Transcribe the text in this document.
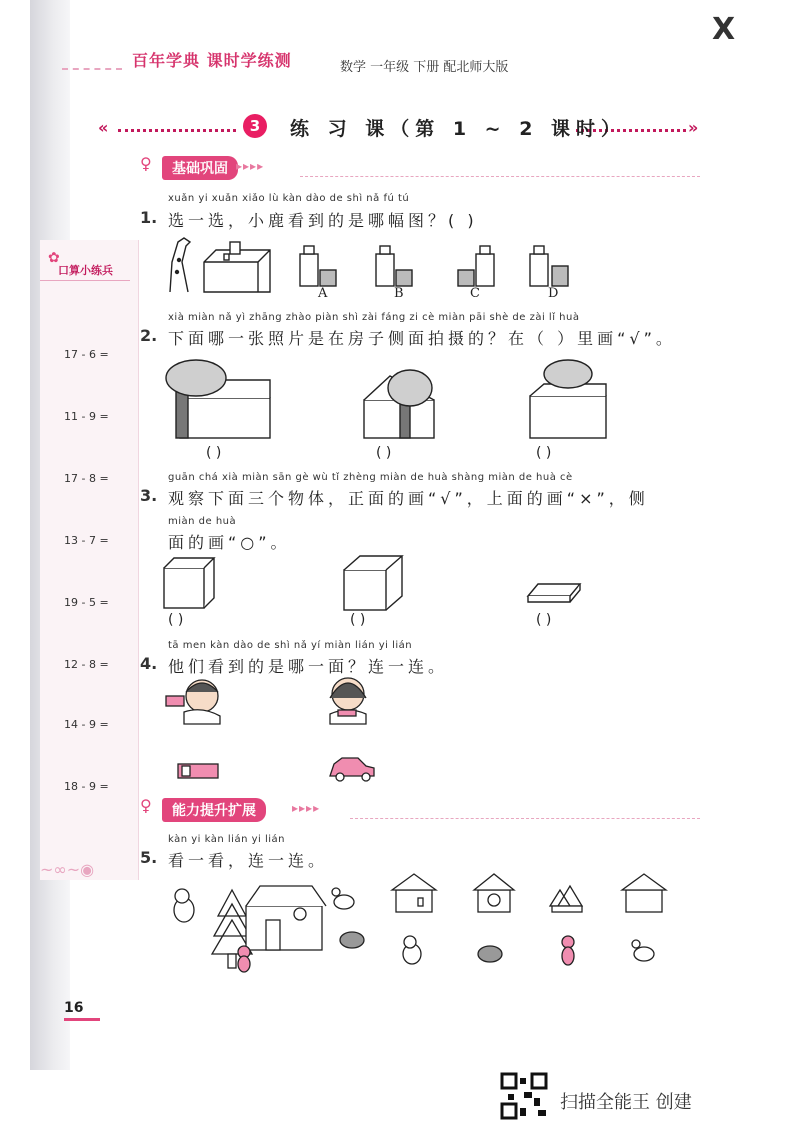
百年学典 课时学练测	数学 一年级 下册 配北师大版
X
«	»
3	练 习 课（第 1 ~ 2 课时）
♀	基础巩固 ▸▸▸▸
口算小练兵
✿
17 - 6 =
11 - 9 =
17 - 8 =
13 - 7 =
19 - 5 =
12 - 8 =
14 - 9 =
18 - 9 =
~∞~◉
xuǎn yi xuǎn xiǎo lù kàn dào de shì nǎ fú tú
1. 选一选，小鹿看到的是哪幅图？( )
A	B	C	D
xià miàn nǎ yì zhāng zhào piàn shì zài fáng zi cè miàn pāi shè de zài lǐ huà
2. 下面哪一张照片是在房子侧面拍摄的？在（ ）里画“√”。
( )	( )	( )
guān chá xià miàn sān gè wù tǐ zhèng miàn de huà shàng miàn de huà cè
3. 观察下面三个物体，正面的画“√”，上面的画“×”，侧
miàn de huà
面的画“○”。
( )	( )	( )
tā men kàn dào de shì nǎ yí miàn lián yi lián
4. 他们看到的是哪一面？连一连。
♀	能力提升扩展	▸▸▸▸
kàn yi kàn lián yi lián
5. 看一看，连一连。
16
扫描全能王 创建
